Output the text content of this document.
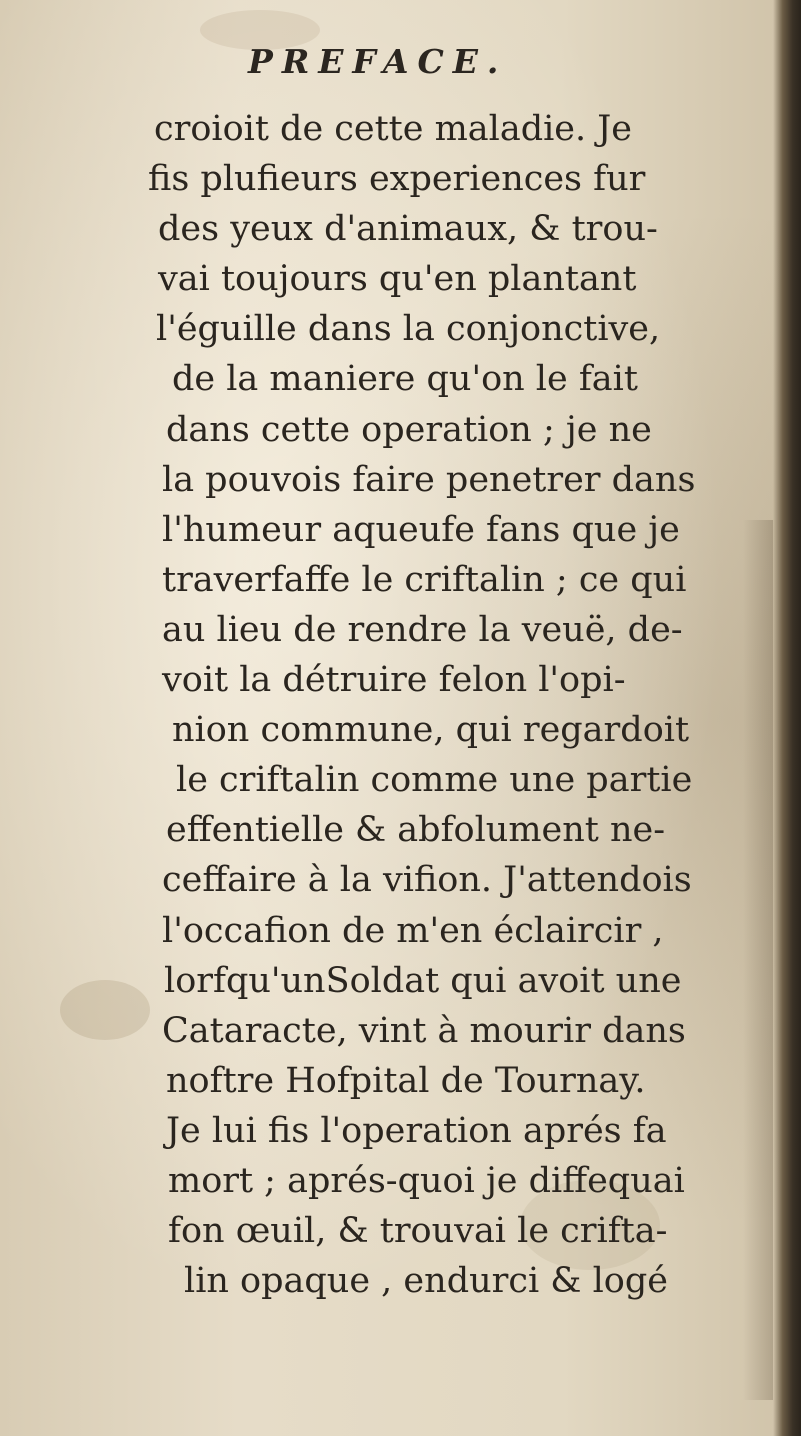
PREFACE.
croioit de cette maladie. Je
fis plufieurs experiences fur
des yeux d'animaux, & trou-
vai toujours qu'en plantant
l'éguille dans la conjonctive,
de la maniere qu'on le fait
dans cette operation ; je ne
la pouvois faire penetrer dans
l'humeur aqueufe fans que je
traverfaffe le criftalin ; ce qui
au lieu de rendre la veuë, de-
voit la détruire felon l'opi-
nion commune, qui regardoit
le criftalin comme une partie
effentielle & abfolument ne-
ceffaire à la vifion. J'attendois
l'occafion de m'en éclaircir ,
lorfqu'unSoldat qui avoit une
Cataracte, vint à mourir dans
noftre Hofpital de Tournay.
Je lui fis l'operation aprés fa
mort ; aprés-quoi je diffequai
fon œuil, & trouvai le crifta-
lin opaque , endurci & logé
